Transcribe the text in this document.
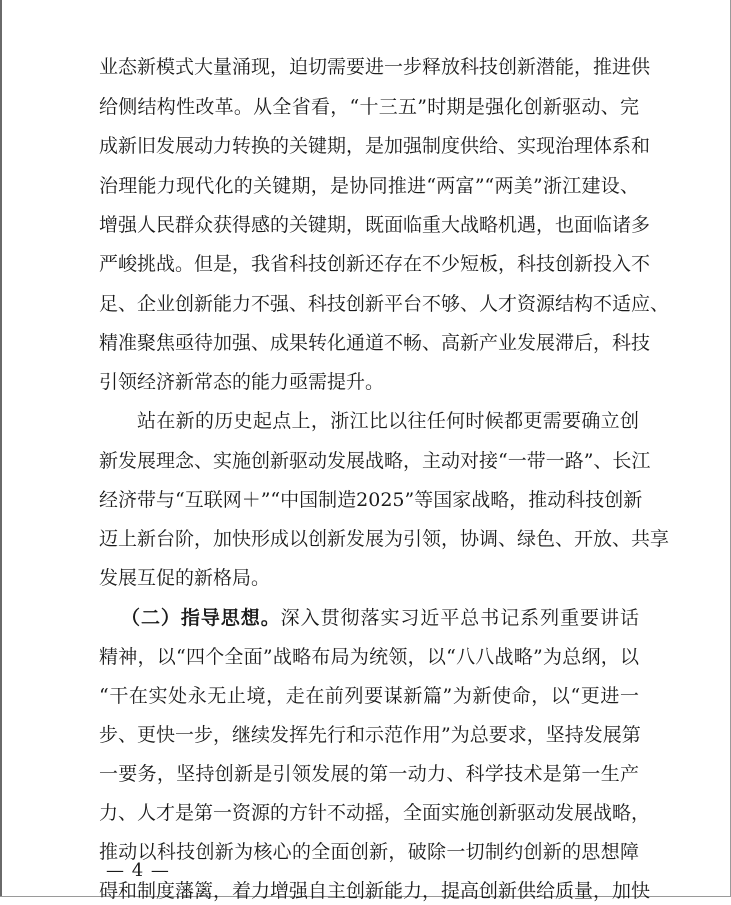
业态新模式大量涌现，迫切需要进一步释放科技创新潜能，推进供
给侧结构性改革。从全省看，“十三五”时期是强化创新驱动、完
成新旧发展动力转换的关键期，是加强制度供给、实现治理体系和
治理能力现代化的关键期，是协同推进“两富”“两美”浙江建设、
增强人民群众获得感的关键期，既面临重大战略机遇，也面临诸多
严峻挑战。但是，我省科技创新还存在不少短板，科技创新投入不
足、企业创新能力不强、科技创新平台不够、人才资源结构不适应、
精准聚焦亟待加强、成果转化通道不畅、高新产业发展滞后，科技
引领经济新常态的能力亟需提升。
站在新的历史起点上，浙江比以往任何时候都更需要确立创
新发展理念、实施创新驱动发展战略，主动对接“一带一路”、长江
经济带与“互联网＋”“中国制造2025”等国家战略，推动科技创新
迈上新台阶，加快形成以创新发展为引领，协调、绿色、开放、共享
发展互促的新格局。
（二）指导思想。深入贯彻落实习近平总书记系列重要讲话
精神，以“四个全面”战略布局为统领，以“八八战略”为总纲，以
“干在实处永无止境，走在前列要谋新篇”为新使命，以“更进一
步、更快一步，继续发挥先行和示范作用”为总要求，坚持发展第
一要务，坚持创新是引领发展的第一动力、科学技术是第一生产
力、人才是第一资源的方针不动摇，全面实施创新驱动发展战略，
推动以科技创新为核心的全面创新，破除一切制约创新的思想障
碍和制度藩篱，着力增强自主创新能力，提高创新供给质量，加快
— 4 —
